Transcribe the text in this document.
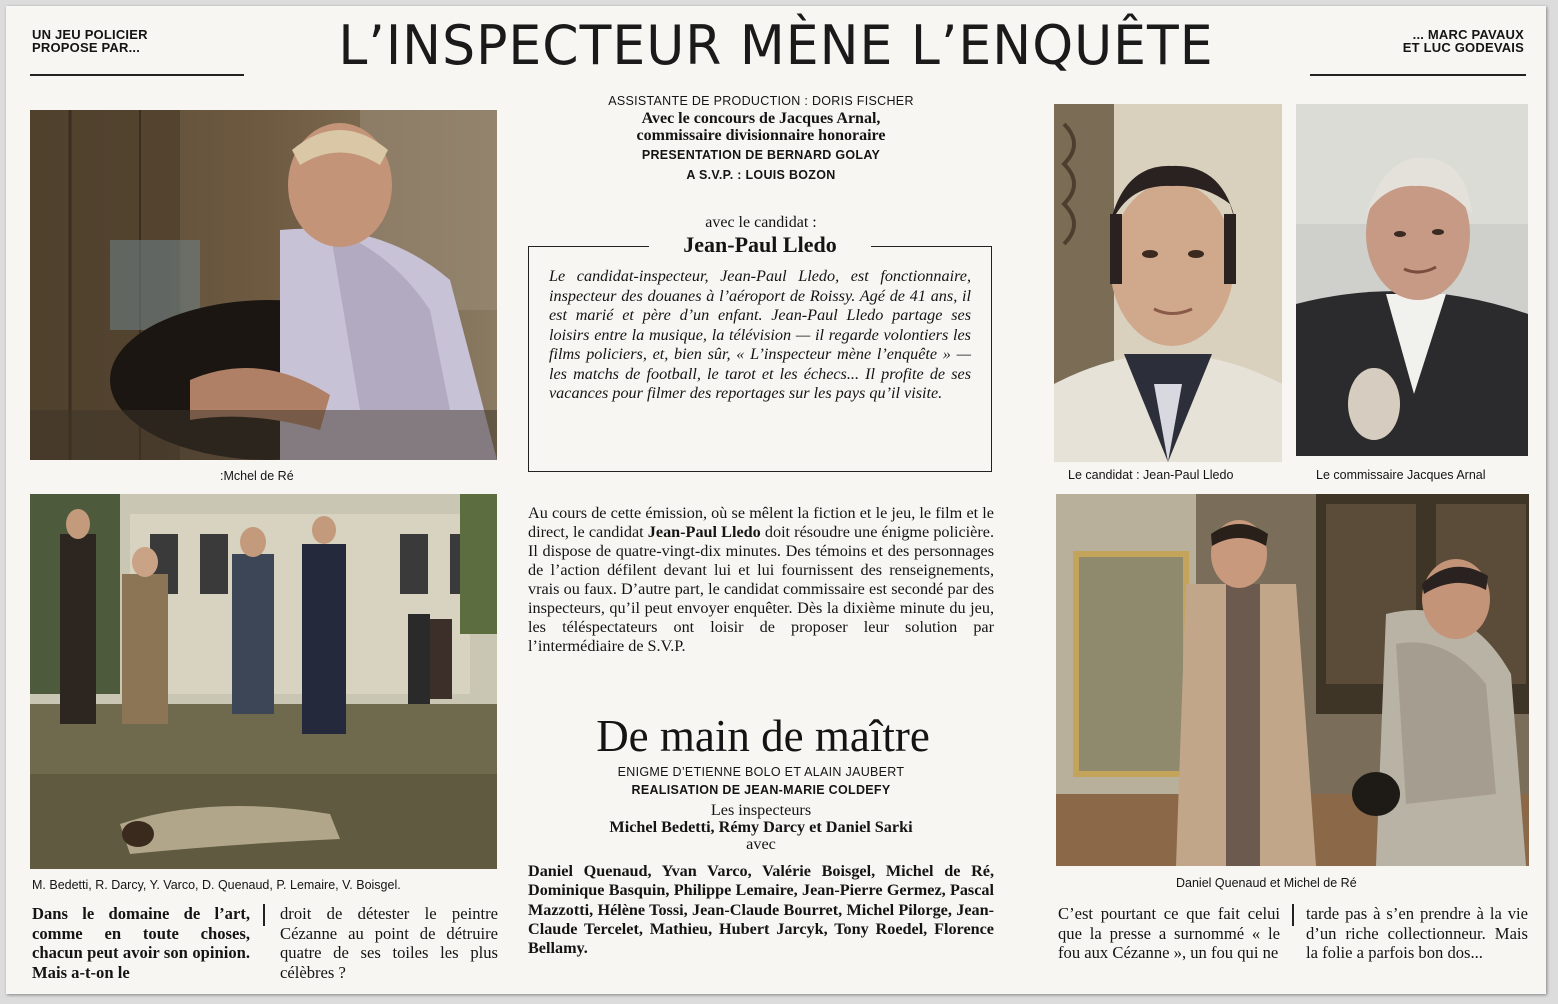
UN JEU POLICIER
PROPOSE PAR...	L’INSPECTEUR MÈNE L’ENQUÊTE	... MARC PAVAUX
ET LUC GODEVAIS
:Mchel de Ré
M. Bedetti, R. Darcy, Y. Varco, D. Quenaud, P. Lemaire, V. Boisgel.
ASSISTANTE DE PRODUCTION : DORIS FISCHER
Avec le concours de Jacques Arnal,
commissaire divisionnaire honoraire
PRESENTATION DE BERNARD GOLAY
A S.V.P. : LOUIS BOZON
avec le candidat :
Jean-Paul Lledo
Le candidat-inspecteur, Jean-Paul Lledo, est fonctionnaire, inspecteur des douanes à l’aéroport de Roissy. Agé de 41 ans, il est marié et père d’un enfant. Jean-Paul Lledo partage ses loisirs entre la musique, la télévision — il regarde volontiers les films policiers, et, bien sûr, « L’inspecteur mène l’enquête » — les matchs de football, le tarot et les échecs... Il profite de ses vacances pour filmer des reportages sur les pays qu’il visite.
Au cours de cette émission, où se mêlent la fiction et le jeu, le film et le direct, le candidat Jean-Paul Lledo doit résoudre une énigme policière. Il dispose de quatre-vingt-dix minutes. Des témoins et des personnages de l’action défilent devant lui et lui fournissent des renseignements, vrais ou faux. D’autre part, le candidat commissaire est secondé par des inspecteurs, qu’il peut envoyer enquêter. Dès la dixième minute du jeu, les téléspectateurs ont loisir de proposer leur solution par l’intermédiaire de S.V.P.
De main de maître
ENIGME D’ETIENNE BOLO ET ALAIN JAUBERT
REALISATION DE JEAN-MARIE COLDEFY
Les inspecteurs
Michel Bedetti, Rémy Darcy et Daniel Sarki
avec
Daniel Quenaud, Yvan Varco, Valérie Boisgel, Michel de Ré, Dominique Basquin, Philippe Lemaire, Jean-Pierre Germez, Pascal Mazzotti, Hélène Tossi, Jean-Claude Bourret, Michel Pilorge, Jean-Claude Tercelet, Mathieu, Hubert Jarcyk, Tony Roedel, Florence Bellamy.
Le candidat : Jean-Paul Lledo	Le commissaire Jacques Arnal
Daniel Quenaud et Michel de Ré
Dans le domaine de l’art, comme en toute choses, chacun peut avoir son opinion. Mais a-t-on le
droit de détester le peintre Cézanne au point de détruire quatre de ses toiles les plus célèbres ?
C’est pourtant ce que fait celui que la presse a surnommé « le fou aux Cézanne », un fou qui ne
tarde pas à s’en prendre à la vie d’un riche collectionneur. Mais la folie a parfois bon dos...
